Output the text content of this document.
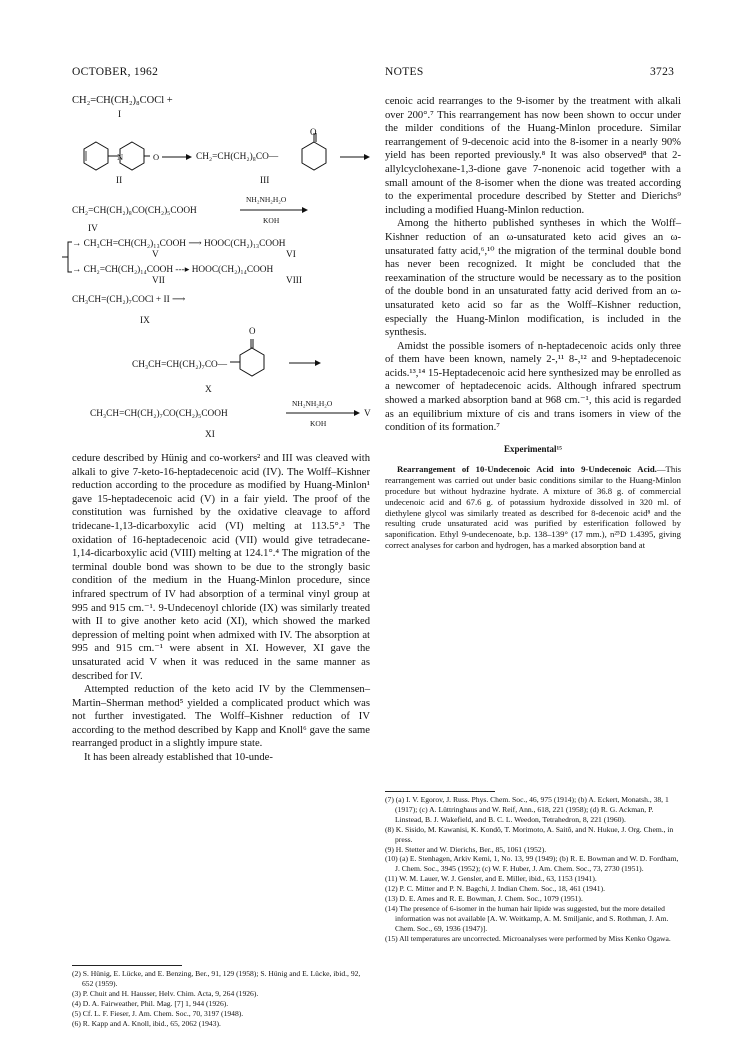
OCTOBER, 1962	NOTES	3723
CH₂=CH(CH₂)₈COCl +
I
N	O
O
CH₂=CH(CH₂)₈CO—
II	III
NH₂NH₂H₂O
CH₂=CH(CH₂)₈CO(CH₂)₅COOH
KOH
IV
→ CH₃CH=CH(CH₂)₁₃COOH ⟶ HOOC(CH₂)₁₃COOH
V	VI
→ CH₂=CH(CH₂)₁₄COOH ---▸ HOOC(CH₂)₁₄COOH
VII	VIII
CH₃CH=(CH₂)₇COCl + II ⟶
IX
CH₃CH=CH(CH₂)₇CO—
O
X
NH₂NH₂H₂O
CH₃CH=CH(CH₂)₇CO(CH₂)₅COOH	V
KOH
XI

cedure described by Hünig and co-workers² and III was cleaved with alkali to give 7-keto-16-heptadecenoic acid (IV). The Wolff–Kishner reduction according to the procedure as modified by Huang-Minlon¹ gave 15-heptadecenoic acid (V) in a fair yield. The proof of the constitution was furnished by the oxidative cleavage to afford tridecane-1,13-dicarboxylic acid (VI) melting at 113.5°.³ The oxidation of 16-heptadecenoic acid (VII) would give tetradecane-1,14-dicarboxylic acid (VIII) melting at 124.1°.⁴ The migration of the terminal double bond was shown to be due to the strongly basic condition of the medium in the Huang-Minlon procedure, since infrared spectrum of IV had absorption of a terminal vinyl group at 995 and 915 cm.⁻¹. 9-Undecenoyl chloride (IX) was similarly treated with II to give another keto acid (XI), which showed the marked depression of melting point when admixed with IV. The absorption at 995 and 915 cm.⁻¹ were absent in XI. However, XI gave the unsaturated acid V when it was reduced in the same manner as described for IV.

Attempted reduction of the keto acid IV by the Clemmensen–Martin–Sherman method⁵ yielded a complicated product which was not further investigated. The Wolff–Kishner reduction of IV according to the method described by Kapp and Knoll⁶ gave the same rearranged product in a slightly impure state.

It has been already established that 10-unde-

(2) S. Hünig, E. Lücke, and E. Benzing, Ber., 91, 129 (1958); S. Hünig and E. Lücke, ibid., 92, 652 (1959).

(3) P. Chuit and H. Hausser, Helv. Chim. Acta, 9, 264 (1926).

(4) D. A. Fairweather, Phil. Mag. [7] 1, 944 (1926).

(5) Cf. L. F. Fieser, J. Am. Chem. Soc., 70, 3197 (1948).

(6) R. Kapp and A. Knoll, ibid., 65, 2062 (1943).

cenoic acid rearranges to the 9-isomer by the treatment with alkali over 200°.⁷ This rearrangement has now been shown to occur under the milder conditions of the Huang-Minlon procedure. Similar rearrangement of 9-decenoic acid into the 8-isomer in a nearly 90% yield has been reported previously.⁸ It was also observed⁸ that 2-allylcyclohexane-1,3-dione gave 7-nonenoic acid together with a small amount of the 8-isomer when the dione was treated according to the experimental procedure described by Stetter and Dierichs⁹ including a modified Huang-Minlon reduction.

Among the hitherto published syntheses in which the Wolff–Kishner reduction of an ω-unsaturated keto acid gives an ω-unsaturated fatty acid,⁶,¹⁰ the migration of the terminal double bond has never been recognized. It might be concluded that the reexamination of the structure would be necessary as to the position of the double bond in an unsaturated fatty acid derived from an ω-unsaturated keto acid so far as the Wolff–Kishner reduction, especially the Huang-Minlon modification, is included in the synthesis.

Amidst the possible isomers of n-heptadecenoic acids only three of them have been known, namely 2-,¹¹ 8-,¹² and 9-heptadecenoic acids.¹³,¹⁴ 15-Heptadecenoic acid here synthesized may be enrolled as a newcomer of heptadecenoic acids. Although infrared spectrum showed a marked absorption band at 968 cm.⁻¹, this acid is regarded as an equilibrium mixture of cis and trans isomers in view of the condition of its formation.⁷

Experimental¹⁵

Rearrangement of 10-Undecenoic Acid into 9-Undecenoic Acid.—This rearrangement was carried out under basic conditions similar to the Huang-Minlon procedure but without hydrazine hydrate. A mixture of 36.8 g. of commercial undecenoic acid and 67.6 g. of potassium hydroxide dissolved in 320 ml. of diethylene glycol was similarly treated as described for 8-decenoic acid⁸ and the resulting crude unsaturated acid was purified by esterification followed by saponification. Ethyl 9-undecenoate, b.p. 138–139° (17 mm.), n²⁵D 1.4395, giving correct analyses for carbon and hydrogen, has a marked absorption band at

(7) (a) I. V. Egorov, J. Russ. Phys. Chem. Soc., 46, 975 (1914); (b) A. Eckert, Monatsh., 38, 1 (1917); (c) A. Lüttringhaus and W. Reif, Ann., 618, 221 (1958); (d) R. G. Ackman, P. Linstead, B. J. Wakefield, and B. C. L. Weedon, Tetrahedron, 8, 221 (1960).

(8) K. Sisido, M. Kawanisi, K. Kondô, T. Morimoto, A. Saitô, and N. Hukue, J. Org. Chem., in press.

(9) H. Stetter and W. Dierichs, Ber., 85, 1061 (1952).

(10) (a) E. Stenhagen, Arkiv Kemi, 1, No. 13, 99 (1949); (b) R. E. Bowman and W. D. Fordham, J. Chem. Soc., 3945 (1952); (c) W. F. Huber, J. Am. Chem. Soc., 73, 2730 (1951).

(11) W. M. Lauer, W. J. Gensler, and E. Miller, ibid., 63, 1153 (1941).

(12) P. C. Mitter and P. N. Bagchi, J. Indian Chem. Soc., 18, 461 (1941).

(13) D. E. Ames and R. E. Bowman, J. Chem. Soc., 1079 (1951).

(14) The presence of 6-isomer in the human hair lipide was suggested, but the more detailed information was not available [A. W. Weitkamp, A. M. Smiljanic, and S. Rothman, J. Am. Chem. Soc., 69, 1936 (1947)].

(15) All temperatures are uncorrected. Microanalyses were performed by Miss Kenko Ogawa.
